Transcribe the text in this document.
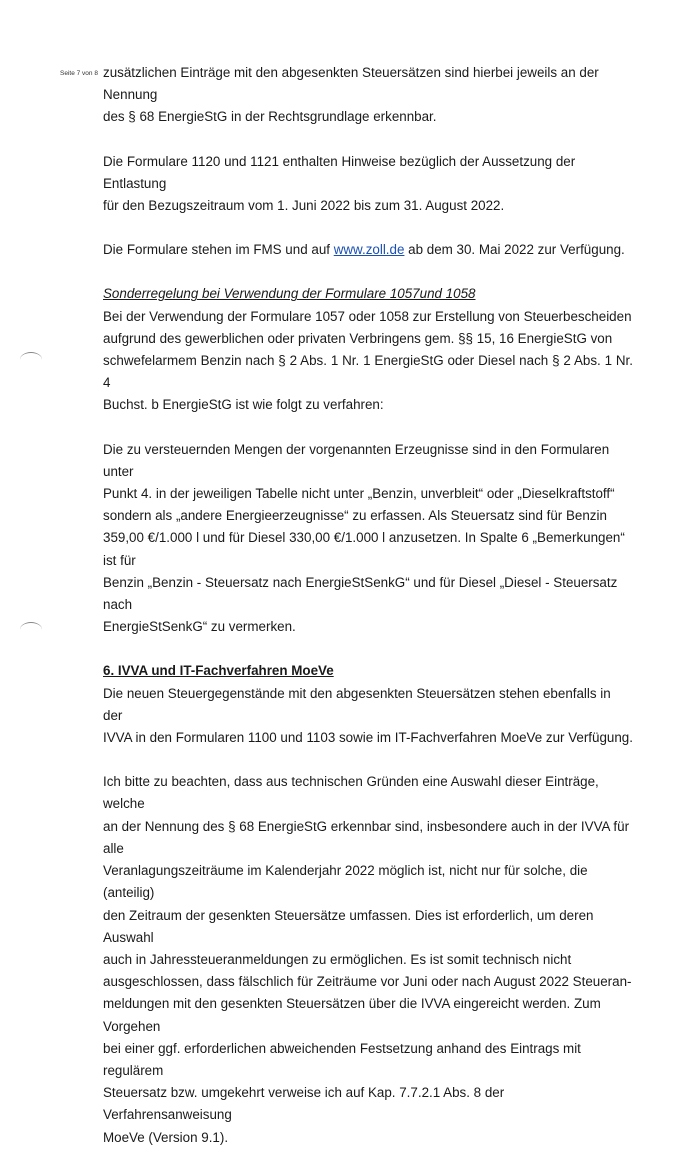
Seite 7 von 8 zusätzlichen Einträge mit den abgesenkten Steuersätzen sind hierbei jeweils an der Nennung
des § 68 EnergieStG in der Rechtsgrundlage erkennbar.
Die Formulare 1120 und 1121 enthalten Hinweise bezüglich der Aussetzung der Entlastung
für den Bezugszeitraum vom 1. Juni 2022 bis zum 31. August 2022.
Die Formulare stehen im FMS und auf www.zoll.de ab dem 30. Mai 2022 zur Verfügung.
Sonderregelung bei Verwendung der Formulare 1057und 1058
Bei der Verwendung der Formulare 1057 oder 1058 zur Erstellung von Steuerbescheiden
aufgrund des gewerblichen oder privaten Verbringens gem. §§ 15, 16 EnergieStG von
schwefelarmem Benzin nach § 2 Abs. 1 Nr. 1 EnergieStG oder Diesel nach § 2 Abs. 1 Nr. 4
Buchst. b EnergieStG ist wie folgt zu verfahren:
Die zu versteuernden Mengen der vorgenannten Erzeugnisse sind in den Formularen unter
Punkt 4. in der jeweiligen Tabelle nicht unter „Benzin, unverbleit“ oder „Dieselkraftstoff“
sondern als „andere Energieerzeugnisse“ zu erfassen. Als Steuersatz sind für Benzin
359,00 €/1.000 l und für Diesel 330,00 €/1.000 l anzusetzen. In Spalte 6 „Bemerkungen“ ist für
Benzin „Benzin - Steuersatz nach EnergieStSenkG“ und für Diesel „Diesel - Steuersatz nach
EnergieStSenkG“ zu vermerken.
6. IVVA und IT-Fachverfahren MoeVe
Die neuen Steuergegenstände mit den abgesenkten Steuersätzen stehen ebenfalls in der
IVVA in den Formularen 1100 und 1103 sowie im IT-Fachverfahren MoeVe zur Verfügung.
Ich bitte zu beachten, dass aus technischen Gründen eine Auswahl dieser Einträge, welche
an der Nennung des § 68 EnergieStG erkennbar sind, insbesondere auch in der IVVA für alle
Veranlagungszeiträume im Kalenderjahr 2022 möglich ist, nicht nur für solche, die (anteilig)
den Zeitraum der gesenkten Steuersätze umfassen. Dies ist erforderlich, um deren Auswahl
auch in Jahressteueranmeldungen zu ermöglichen. Es ist somit technisch nicht
ausgeschlossen, dass fälschlich für Zeiträume vor Juni oder nach August 2022 Steueran-
meldungen mit den gesenkten Steuersätzen über die IVVA eingereicht werden. Zum Vorgehen
bei einer ggf. erforderlichen abweichenden Festsetzung anhand des Eintrags mit regulärem
Steuersatz bzw. umgekehrt verweise ich auf Kap. 7.7.2.1 Abs. 8 der Verfahrensanweisung
MoeVe (Version 9.1).
